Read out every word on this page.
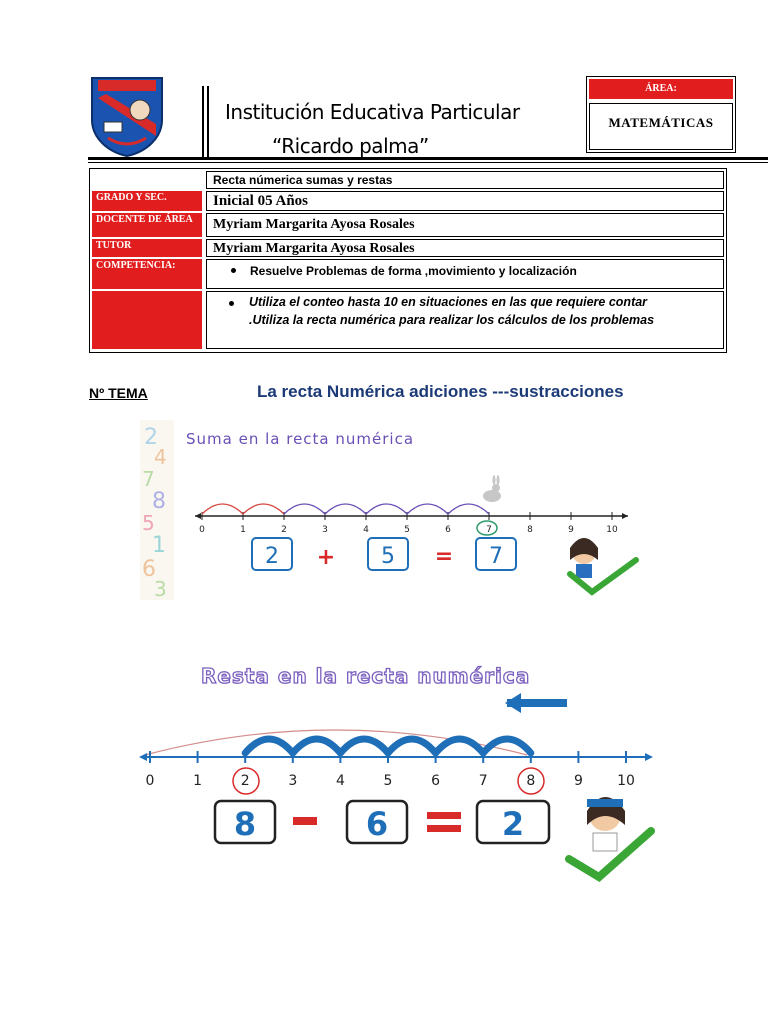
Institución Educativa Particular
“Ricardo palma”
ÁREA:
MATEMÁTICAS
Recta númerica sumas y restas
GRADO Y SEC.	Inicial 05 Años
DOCENTE DE ÁREA	Myriam Margarita Ayosa Rosales
TUTOR	Myriam Margarita Ayosa Rosales
COMPETENCIA:	Resuelve Problemas de forma ,movimiento y localización
Utiliza el conteo hasta 10 en situaciones en las que requiere contar .Utiliza la recta numérica para realizar los cálculos de los problemas
Nº TEMA	La recta Numérica adiciones ---sustracciones
2
4
7
8
5
1
6
3
Suma en la recta numérica
0	1	2	3	4	5	6	7	8	9	10
2 + 5 = 7
Resta en la recta numérica
0	1	2	3	4	5	6	7	8	9 10
8	6	2
